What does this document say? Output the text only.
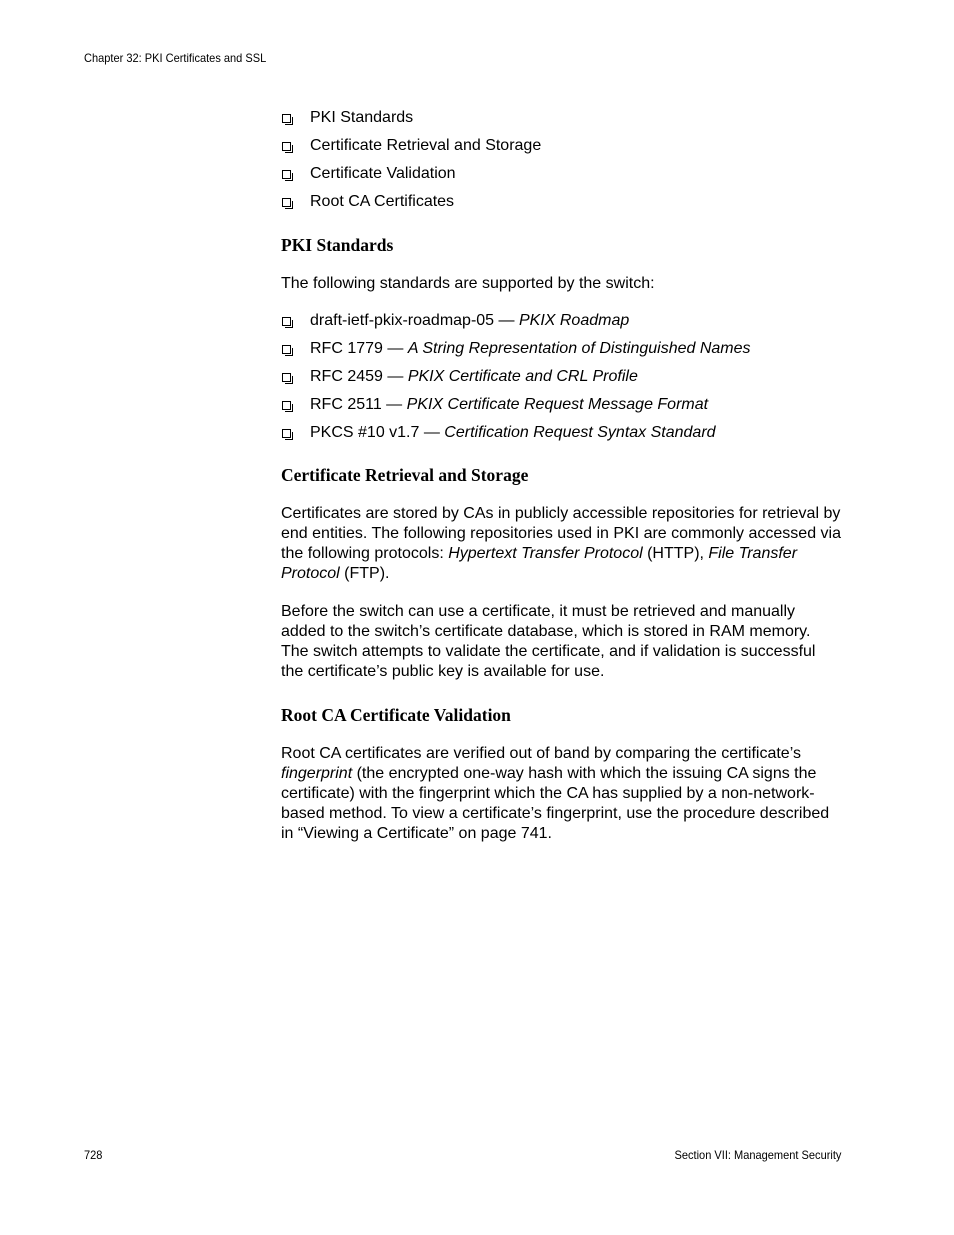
Chapter 32: PKI Certificates and SSL
PKI Standards
Certificate Retrieval and Storage
Certificate Validation
Root CA Certificates
PKI Standards

The following standards are supported by the switch:

draft-ietf-pkix-roadmap-05 — PKIX Roadmap
RFC 1779 — A String Representation of Distinguished Names
RFC 2459 — PKIX Certificate and CRL Profile
RFC 2511 — PKIX Certificate Request Message Format
PKCS #10 v1.7 — Certification Request Syntax Standard
Certificate Retrieval and Storage

Certificates are stored by CAs in publicly accessible repositories for retrieval by end entities. The following repositories used in PKI are commonly accessed via the following protocols: Hypertext Transfer Protocol (HTTP), File Transfer Protocol (FTP).

Before the switch can use a certificate, it must be retrieved and manually added to the switch’s certificate database, which is stored in RAM memory. The switch attempts to validate the certificate, and if validation is successful the certificate’s public key is available for use.

Root CA Certificate Validation

Root CA certificates are verified out of band by comparing the certificate’s fingerprint (the encrypted one-way hash with which the issuing CA signs the certificate) with the fingerprint which the CA has supplied by a non-network-based method. To view a certificate’s fingerprint, use the procedure described in “Viewing a Certificate” on page 741.

728	Section VII: Management Security
